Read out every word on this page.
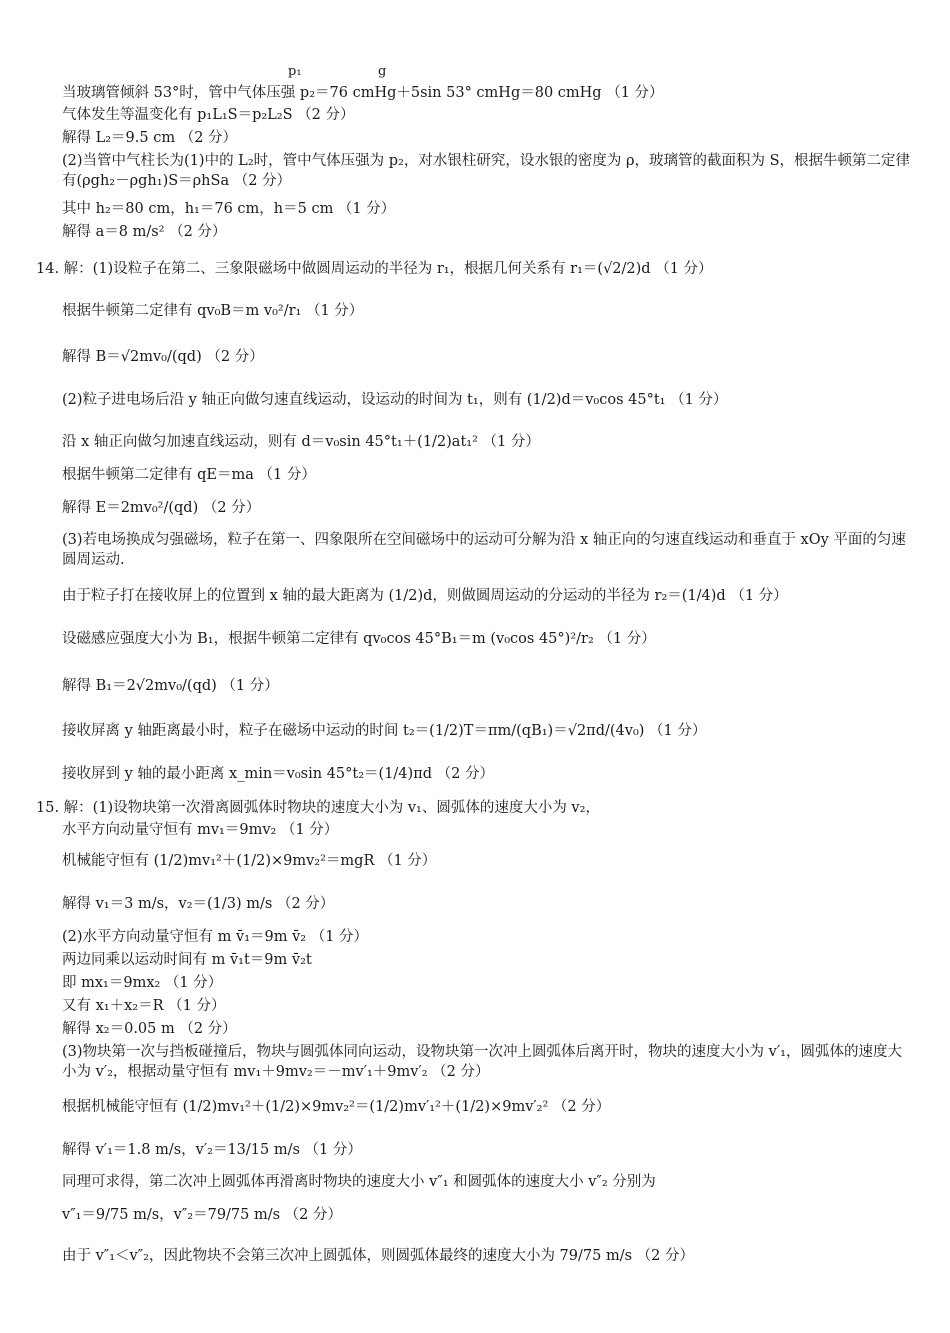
p₁	g
当玻璃管倾斜 53°时，管中气体压强 p₂＝76 cmHg＋5sin 53° cmHg＝80 cmHg （1 分）
气体发生等温变化有 p₁L₁S＝p₂L₂S （2 分）
解得 L₂＝9.5 cm （2 分）
(2)当管中气柱长为(1)中的 L₂时，管中气体压强为 p₂，对水银柱研究，设水银的密度为 ρ，玻璃管的截面积为 S，根据牛顿第二定律有(ρgh₂－ρgh₁)S＝ρhSa （2 分）
其中 h₂＝80 cm，h₁＝76 cm，h＝5 cm （1 分）
解得 a＝8 m/s² （2 分）
14. 解：(1)设粒子在第二、三象限磁场中做圆周运动的半径为 r₁，根据几何关系有 r₁＝(√2/2)d （1 分）
根据牛顿第二定律有 qv₀B＝m v₀²/r₁ （1 分）
解得 B＝√2mv₀/(qd) （2 分）
(2)粒子进电场后沿 y 轴正向做匀速直线运动，设运动的时间为 t₁，则有 (1/2)d＝v₀cos 45°t₁ （1 分）
沿 x 轴正向做匀加速直线运动，则有 d＝v₀sin 45°t₁＋(1/2)at₁² （1 分）
根据牛顿第二定律有 qE＝ma （1 分）
解得 E＝2mv₀²/(qd) （2 分）
(3)若电场换成匀强磁场，粒子在第一、四象限所在空间磁场中的运动可分解为沿 x 轴正向的匀速直线运动和垂直于 xOy 平面的匀速圆周运动.
由于粒子打在接收屏上的位置到 x 轴的最大距离为 (1/2)d，则做圆周运动的分运动的半径为 r₂＝(1/4)d （1 分）
设磁感应强度大小为 B₁，根据牛顿第二定律有 qv₀cos 45°B₁＝m (v₀cos 45°)²/r₂ （1 分）
解得 B₁＝2√2mv₀/(qd) （1 分）
接收屏离 y 轴距离最小时，粒子在磁场中运动的时间 t₂＝(1/2)T＝πm/(qB₁)＝√2πd/(4v₀) （1 分）
接收屏到 y 轴的最小距离 x_min＝v₀sin 45°t₂＝(1/4)πd （2 分）
15. 解：(1)设物块第一次滑离圆弧体时物块的速度大小为 v₁、圆弧体的速度大小为 v₂，
水平方向动量守恒有 mv₁＝9mv₂ （1 分）
机械能守恒有 (1/2)mv₁²＋(1/2)×9mv₂²＝mgR （1 分）
解得 v₁＝3 m/s，v₂＝(1/3) m/s （2 分）
(2)水平方向动量守恒有 m v̄₁＝9m v̄₂ （1 分）
两边同乘以运动时间有 m v̄₁t＝9m v̄₂t
即 mx₁＝9mx₂ （1 分）
又有 x₁＋x₂＝R （1 分）
解得 x₂＝0.05 m （2 分）
(3)物块第一次与挡板碰撞后，物块与圆弧体同向运动，设物块第一次冲上圆弧体后离开时，物块的速度大小为 v′₁，圆弧体的速度大小为 v′₂，根据动量守恒有 mv₁＋9mv₂＝－mv′₁＋9mv′₂ （2 分）
根据机械能守恒有 (1/2)mv₁²＋(1/2)×9mv₂²＝(1/2)mv′₁²＋(1/2)×9mv′₂² （2 分）
解得 v′₁＝1.8 m/s，v′₂＝13/15 m/s （1 分）
同理可求得，第二次冲上圆弧体再滑离时物块的速度大小 v″₁ 和圆弧体的速度大小 v″₂ 分别为
v″₁＝9/75 m/s，v″₂＝79/75 m/s （2 分）
由于 v″₁＜v″₂，因此物块不会第三次冲上圆弧体，则圆弧体最终的速度大小为 79/75 m/s （2 分）
